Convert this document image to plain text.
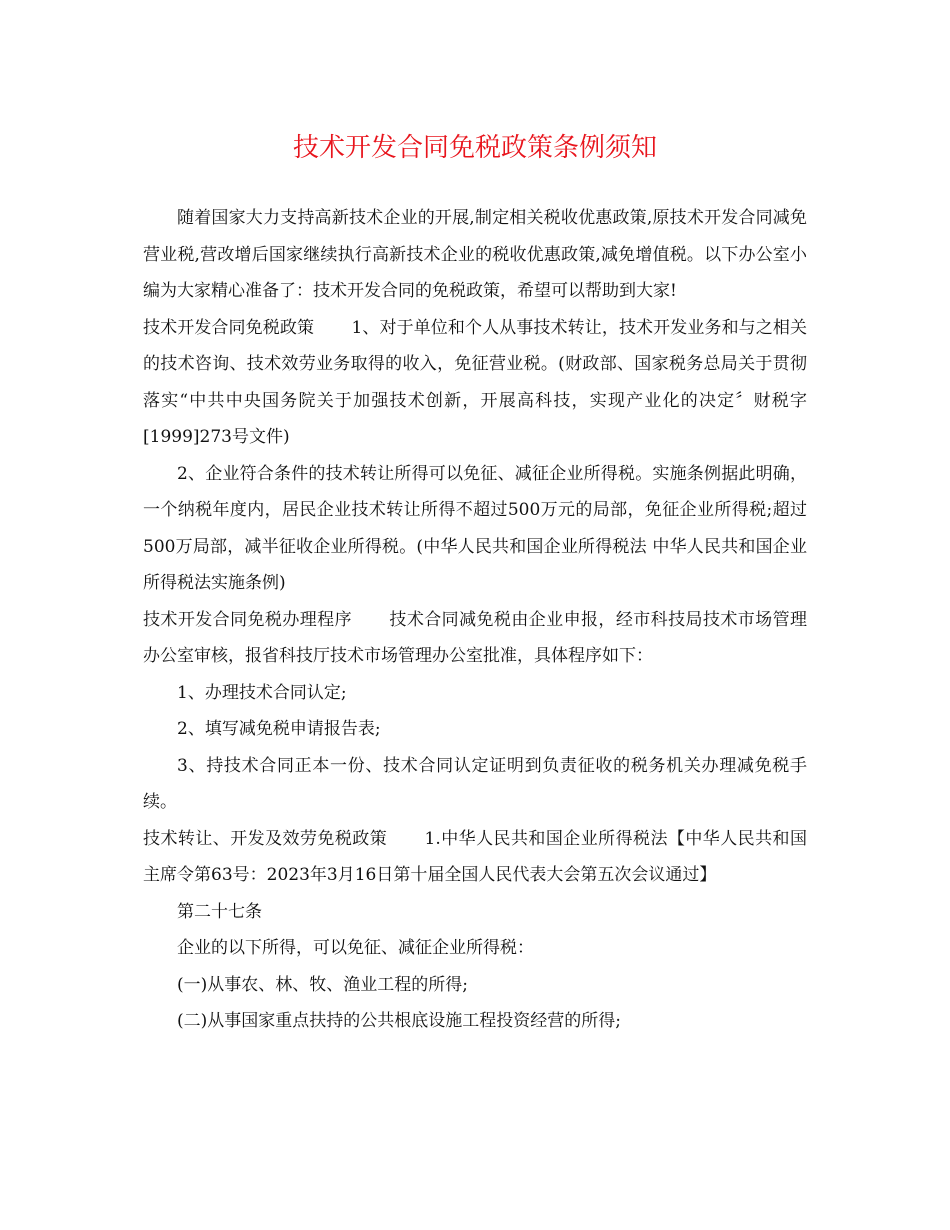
技术开发合同免税政策条例须知

随着国家大力支持高新技术企业的开展,制定相关税收优惠政策,原技术开发合同减免营业税,营改增后国家继续执行高新技术企业的税收优惠政策,减免增值税。以下办公室小编为大家精心准备了：技术开发合同的免税政策，希望可以帮助到大家!

技术开发合同免税政策 1、对于单位和个人从事技术转让，技术开发业务和与之相关的技术咨询、技术效劳业务取得的收入，免征营业税。(财政部、国家税务总局关于贯彻落实“中共中央国务院关于加强技术创新，开展高科技，实现产业化的决定〞财税字[1999]273号文件)

2、企业符合条件的技术转让所得可以免征、减征企业所得税。实施条例据此明确，一个纳税年度内，居民企业技术转让所得不超过500万元的局部，免征企业所得税;超过500万局部，减半征收企业所得税。(中华人民共和国企业所得税法 中华人民共和国企业所得税法实施条例)

技术开发合同免税办理程序 技术合同减免税由企业申报，经市科技局技术市场管理办公室审核，报省科技厅技术市场管理办公室批准，具体程序如下：

1、办理技术合同认定;

2、填写减免税申请报告表;

3、持技术合同正本一份、技术合同认定证明到负责征收的税务机关办理减免税手续。

技术转让、开发及效劳免税政策 1.中华人民共和国企业所得税法【中华人民共和国主席令第63号：2023年3月16日第十届全国人民代表大会第五次会议通过】

第二十七条

企业的以下所得，可以免征、减征企业所得税：

(一)从事农、林、牧、渔业工程的所得;

(二)从事国家重点扶持的公共根底设施工程投资经营的所得;
